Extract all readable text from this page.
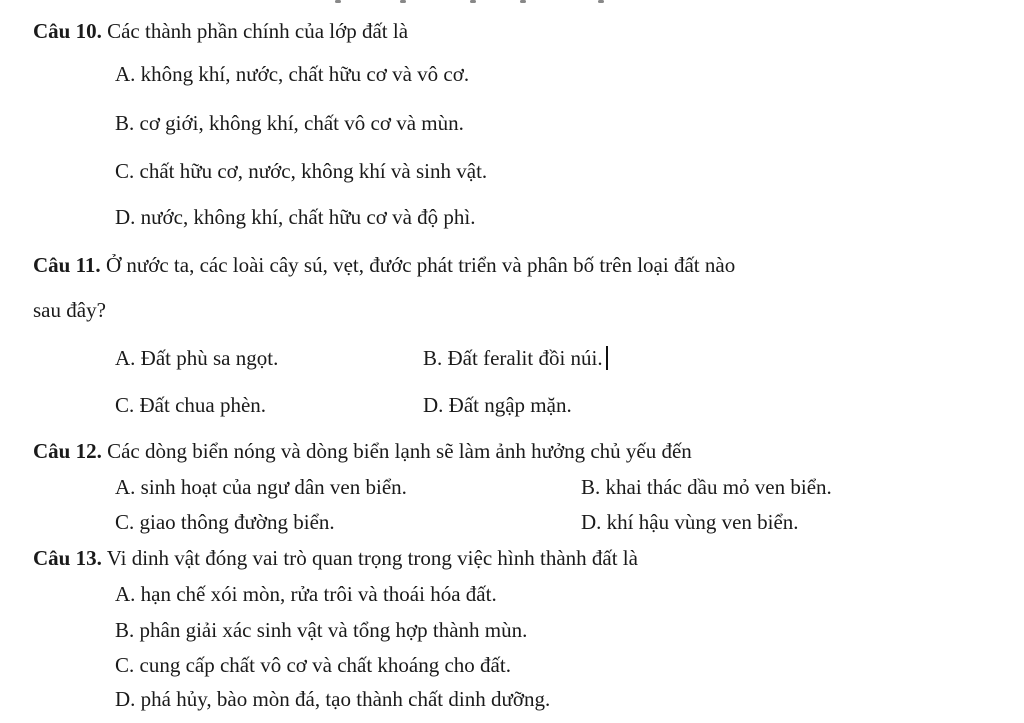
Câu 10. Các thành phần chính của lớp đất là
A. không khí, nước, chất hữu cơ và vô cơ.
B. cơ giới, không khí, chất vô cơ và mùn.
C. chất hữu cơ, nước, không khí và sinh vật.
D. nước, không khí, chất hữu cơ và độ phì.
Câu 11. Ở nước ta, các loài cây sú, vẹt, đước phát triển và phân bố trên loại đất nào
sau đây?
A. Đất phù sa ngọt.	B. Đất feralit đồi núi.
C. Đất chua phèn.	D. Đất ngập mặn.
Câu 12. Các dòng biển nóng và dòng biển lạnh sẽ làm ảnh hưởng chủ yếu đến
A. sinh hoạt của ngư dân ven biển.	B. khai thác dầu mỏ ven biển.
C. giao thông đường biển.	D. khí hậu vùng ven biển.
Câu 13. Vi dinh vật đóng vai trò quan trọng trong việc hình thành đất là
A. hạn chế xói mòn, rửa trôi và thoái hóa đất.
B. phân giải xác sinh vật và tổng hợp thành mùn.
C. cung cấp chất vô cơ và chất khoáng cho đất.
D. phá hủy, bào mòn đá, tạo thành chất dinh dưỡng.
